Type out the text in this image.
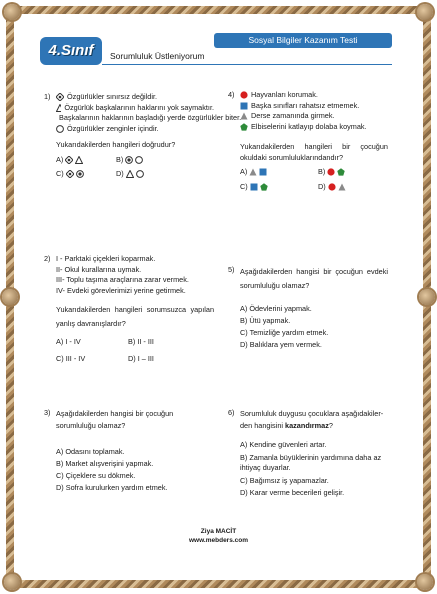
4.Sınıf
Sosyal Bilgiler Kazanım Testi
Sorumluluk Üstleniyorum
1) Özgürlükler sınırsız değildir.
Özgürlük başkalarının haklarını yok saymaktır.
Başkalarının haklarının başladığı yerde özgürlükler biter.
Özgürlükler zenginler içindir.
Yukarıdakilerden hangileri doğrudur?
A)	B)
C)	D)
4) Hayvanları korumak.
Başka sınıfları rahatsız etmemek.
Derse zamanında girmek.
Elbiselerini katlayıp dolaba koymak.
Yukarıdakilerden hangileri bir çocuğun okuldaki sorumluluklarındandır?
A)	B)
C)	D)
2) I - Parktaki çiçekleri koparmak.
II- Okul kurallarına uymak.
III- Toplu taşıma araçlarına zarar vermek.
IV- Evdeki görevlerimizi yerine getirmek.
Yukarıdakilerden hangileri sorumsuzca yapılan yanlış davranışlardır?
A) I - IV	B) II - III
C) III - IV	D) I – III
5) Aşağıdakilerden hangisi bir çocuğun evdeki sorumluluğu olamaz?
A) Ödevlerini yapmak.
B) Ütü yapmak.
C) Temizliğe yardım etmek.
D) Balıklara yem vermek.
3) Aşağıdakilerden hangisi bir çocuğun sorumluluğu olamaz?
A) Odasını toplamak.
B) Market alışverişini yapmak.
C) Çiçeklere su dökmek.
D) Sofra kurulurken yardım etmek.
6) Sorumluluk duygusu çocuklara aşağıdakiler-den hangisini kazandırmaz?
A) Kendine güvenleri artar.
B) Zamanla büyüklerinin yardımına daha az ihtiyaç duyarlar.
C) Bağımsız iş yapamazlar.
D) Karar verme becerileri gelişir.
Ziya MACİT
www.mebders.com
